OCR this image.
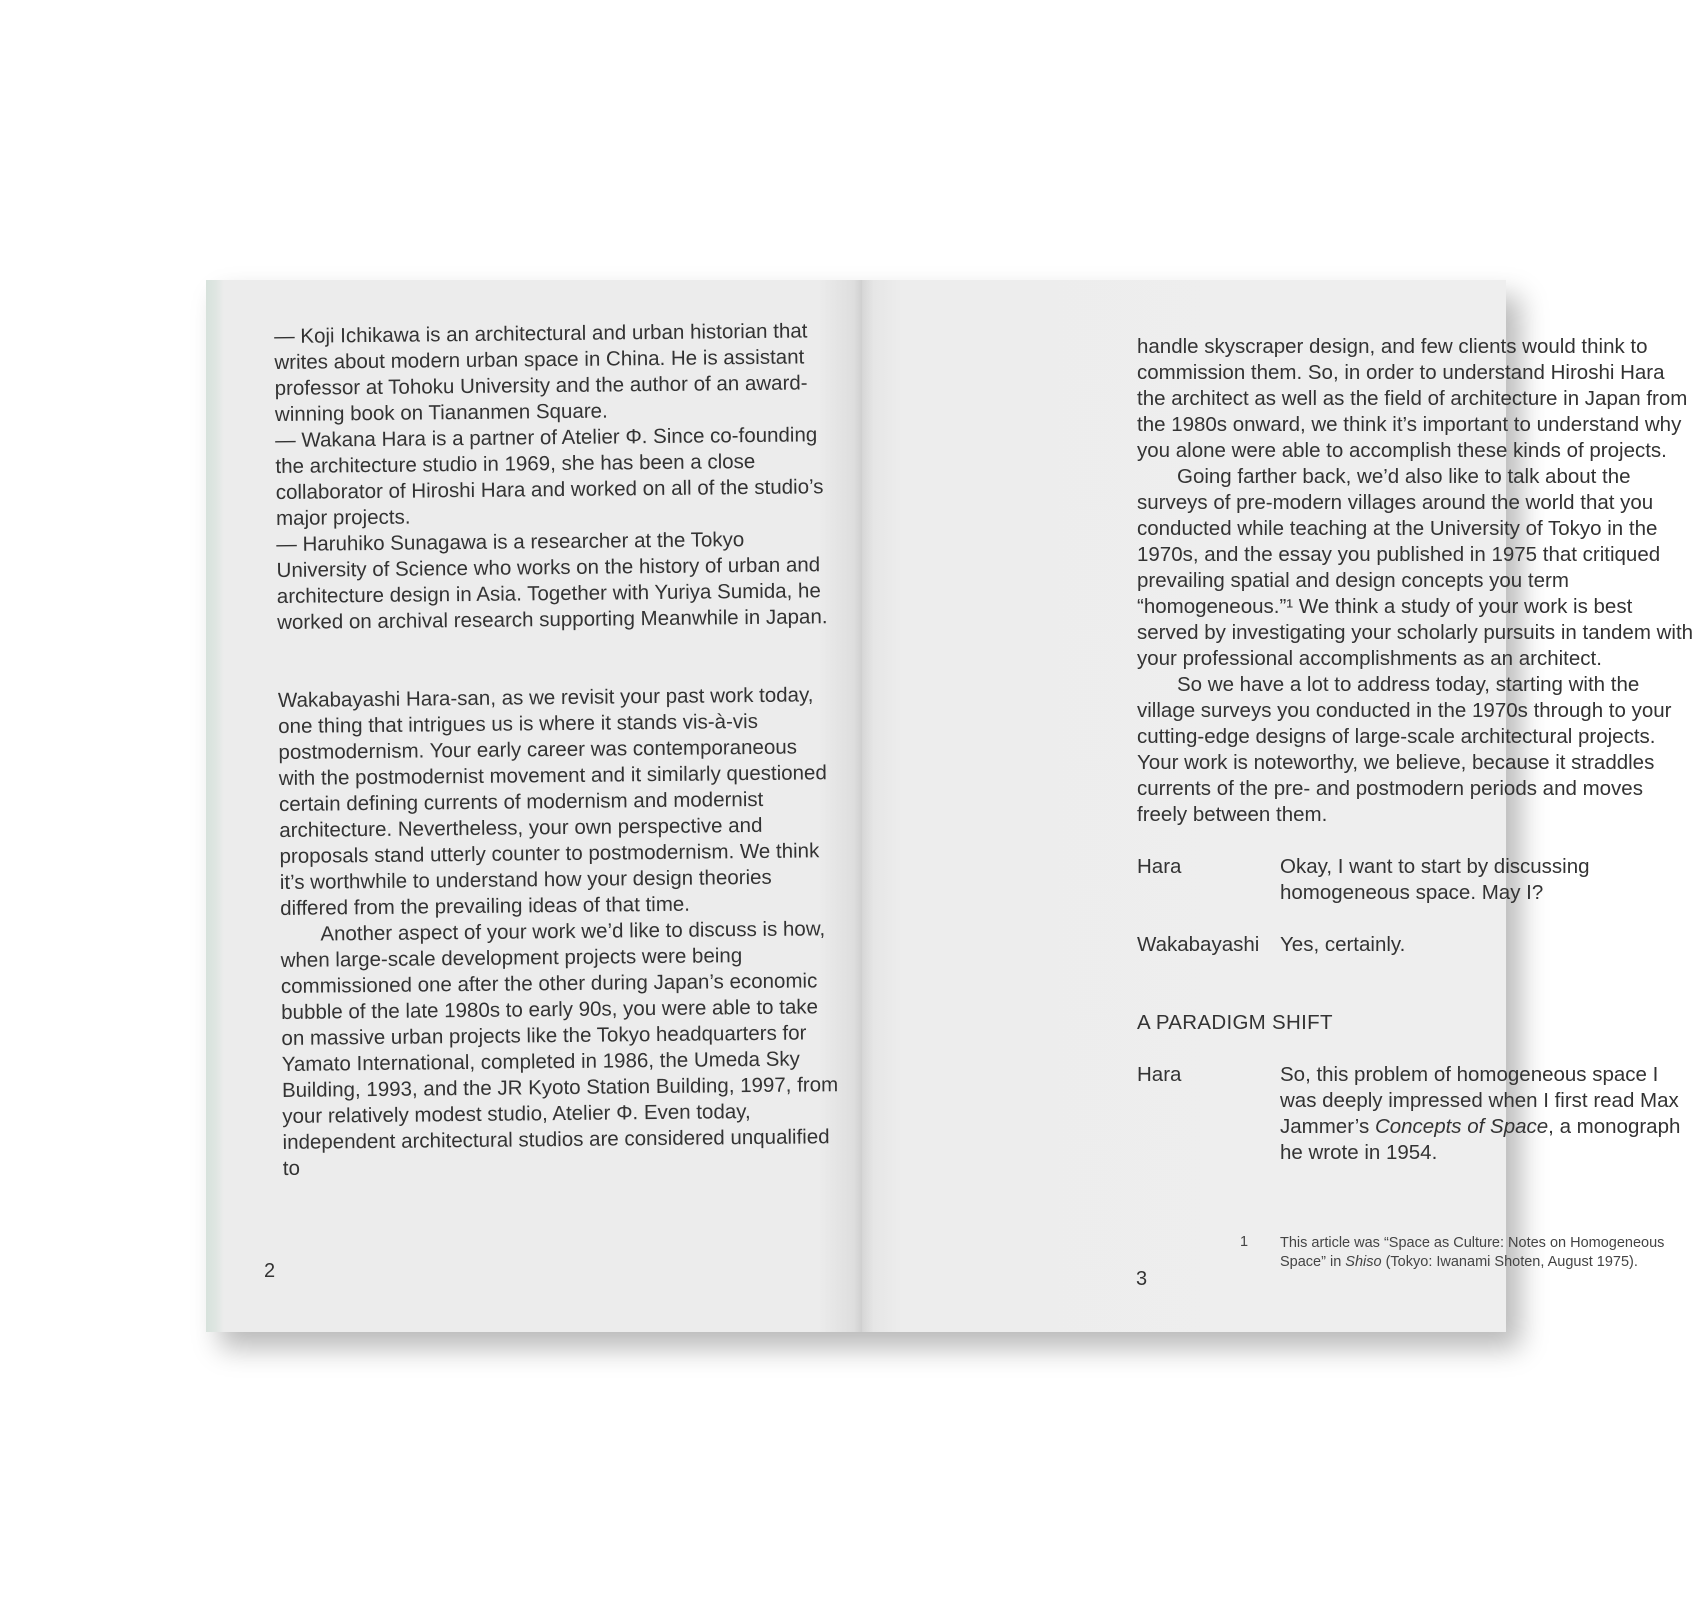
— Koji Ichikawa is an architectural and urban historian that writes about modern urban space in China. He is assistant professor at Tohoku University and the author of an award-winning book on Tiananmen Square.

— Wakana Hara is a partner of Atelier Φ. Since co-founding the architecture studio in 1969, she has been a close collaborator of Hiroshi Hara and worked on all of the studio’s major projects.

— Haruhiko Sunagawa is a researcher at the Tokyo University of Science who works on the history of urban and architecture design in Asia. Together with Yuriya Sumida, he worked on archival research supporting Meanwhile in Japan.

Wakabayashi Hara-san, as we revisit your past work today, one thing that intrigues us is where it stands vis-à-vis postmodernism. Your early career was contemporaneous with the postmodernist movement and it similarly questioned certain defining currents of modernism and modernist architecture. Nevertheless, your own perspective and proposals stand utterly counter to postmodernism. We think it’s worthwhile to understand how your design theories differed from the prevailing ideas of that time.

Another aspect of your work we’d like to discuss is how, when large-scale development projects were being commissioned one after the other during Japan’s economic bubble of the late 1980s to early 90s, you were able to take on massive urban projects like the Tokyo headquarters for Yamato International, completed in 1986, the Umeda Sky Building, 1993, and the JR Kyoto Station Building, 1997, from your relatively modest studio, Atelier Φ. Even today, independent architectural studios are considered unqualified to

2

handle skyscraper design, and few clients would think to commission them. So, in order to understand Hiroshi Hara the architect as well as the field of architecture in Japan from the 1980s onward, we think it’s important to understand why you alone were able to accomplish these kinds of projects.

Going farther back, we’d also like to talk about the surveys of pre-modern villages around the world that you conducted while teaching at the University of Tokyo in the 1970s, and the essay you published in 1975 that critiqued prevailing spatial and design concepts you term “homogeneous.”¹ We think a study of your work is best served by investigating your scholarly pursuits in tandem with your professional accomplishments as an architect.

So we have a lot to address today, starting with the village surveys you conducted in the 1970s through to your cutting-edge designs of large-scale architectural projects. Your work is noteworthy, we believe, because it straddles currents of the pre- and postmodern periods and moves freely between them.

Hara	Okay, I want to start by discussing homogeneous space. May I?
Wakabayashi	Yes, certainly.

A PARADIGM SHIFT

Hara	So, this problem of homogeneous space I was deeply impressed when I first read Max Jammer’s Concepts of Space, a monograph he wrote in 1954.
3
1 This article was “Space as Culture: Notes on Homogeneous Space” in Shiso (Tokyo: Iwanami Shoten, August 1975).
